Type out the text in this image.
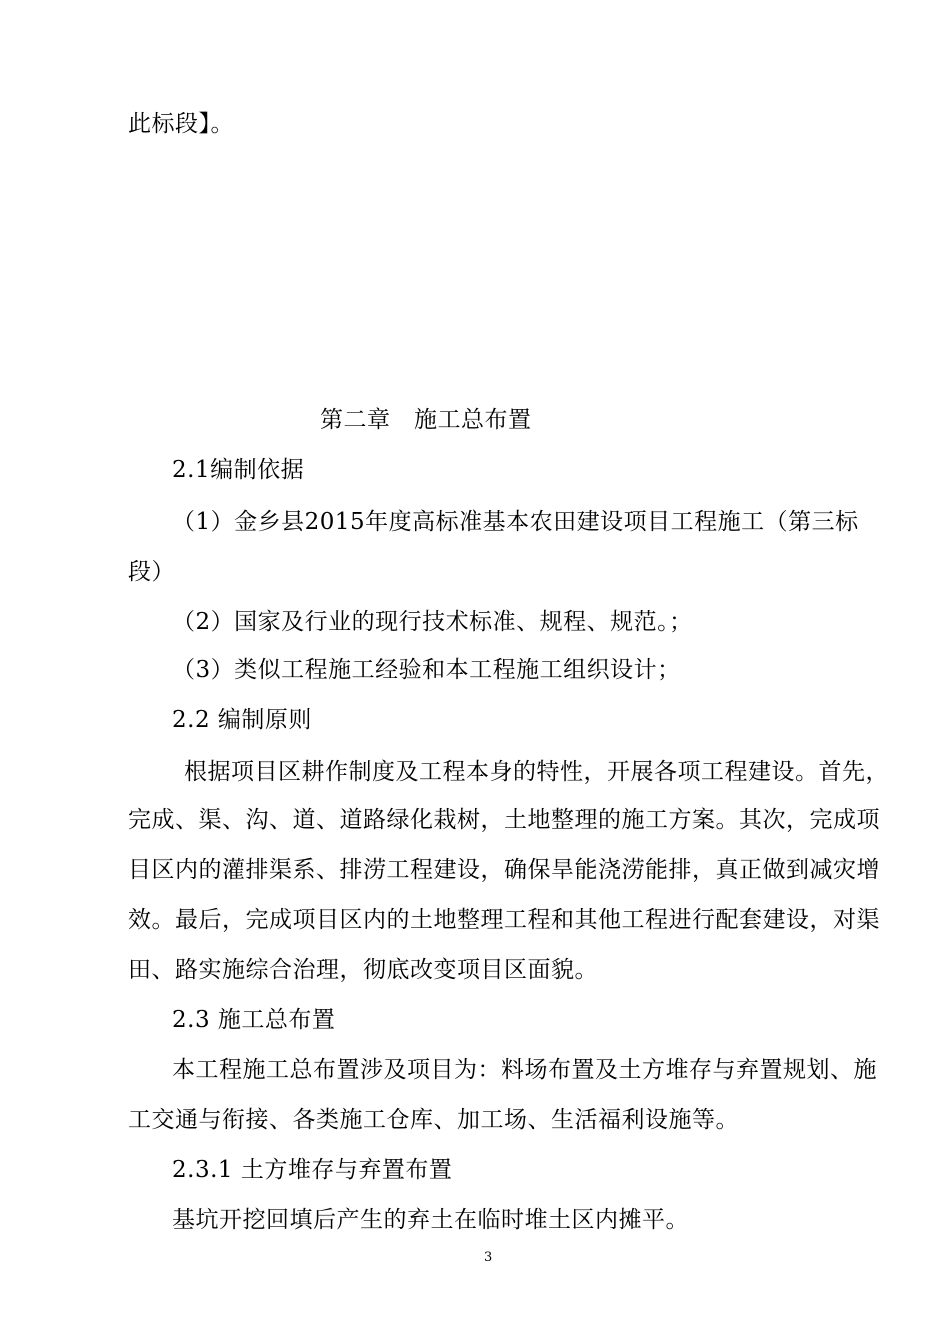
此标段】。
第二章　施工总布置
2.1编制依据
（1）金乡县2015年度高标准基本农田建设项目工程施工（第三标
段）
（2）国家及行业的现行技术标准、规程、规范。；
（3）类似工程施工经验和本工程施工组织设计；
2.2 编制原则
根据项目区耕作制度及工程本身的特性，开展各项工程建设。首先，
完成、渠、沟、道、道路绿化栽树，土地整理的施工方案。其次，完成项
目区内的灌排渠系、排涝工程建设，确保旱能浇涝能排，真正做到减灾增
效。最后，完成项目区内的土地整理工程和其他工程进行配套建设，对渠
田、路实施综合治理，彻底改变项目区面貌。
2.3 施工总布置
本工程施工总布置涉及项目为：料场布置及土方堆存与弃置规划、施
工交通与衔接、各类施工仓库、加工场、生活福利设施等。
2.3.1 土方堆存与弃置布置
基坑开挖回填后产生的弃土在临时堆土区内摊平。
3
